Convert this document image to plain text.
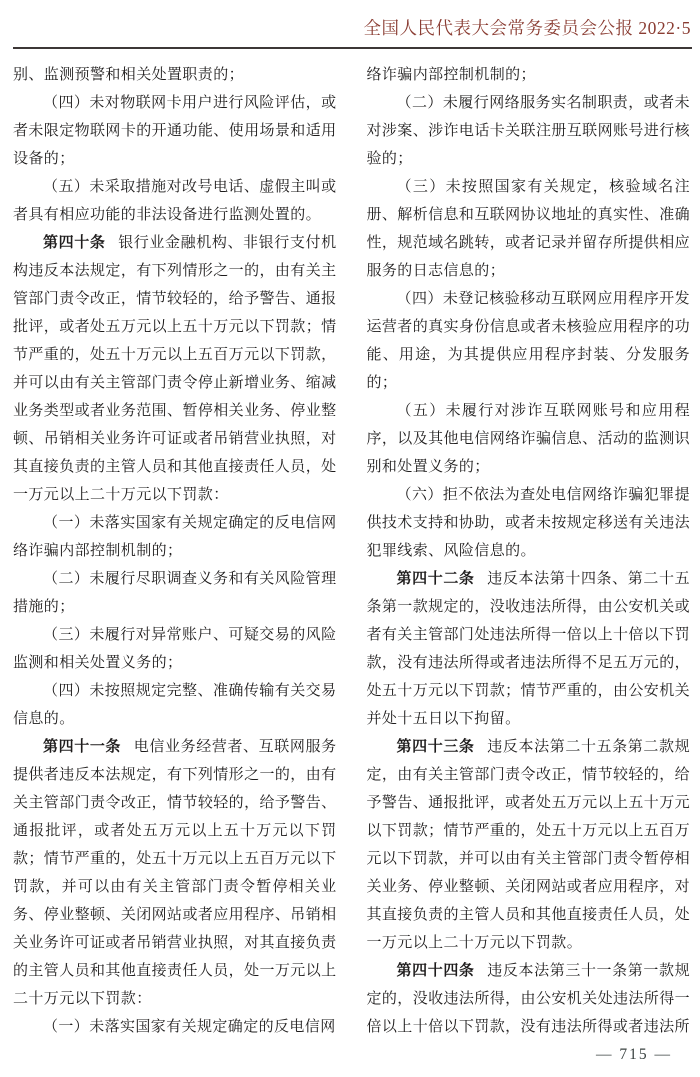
全国人民代表大会常务委员会公报 2022·5

别、监测预警和相关处置职责的；

（四）未对物联网卡用户进行风险评估，或者未限定物联网卡的开通功能、使用场景和适用设备的；

（五）未采取措施对改号电话、虚假主叫或者具有相应功能的非法设备进行监测处置的。

第四十条 银行业金融机构、非银行支付机构违反本法规定，有下列情形之一的，由有关主管部门责令改正，情节较轻的，给予警告、通报批评，或者处五万元以上五十万元以下罚款；情节严重的，处五十万元以上五百万元以下罚款，并可以由有关主管部门责令停止新增业务、缩减业务类型或者业务范围、暂停相关业务、停业整顿、吊销相关业务许可证或者吊销营业执照，对其直接负责的主管人员和其他直接责任人员，处一万元以上二十万元以下罚款：

（一）未落实国家有关规定确定的反电信网络诈骗内部控制机制的；

（二）未履行尽职调查义务和有关风险管理措施的；

（三）未履行对异常账户、可疑交易的风险监测和相关处置义务的；

（四）未按照规定完整、准确传输有关交易信息的。

第四十一条 电信业务经营者、互联网服务提供者违反本法规定，有下列情形之一的，由有关主管部门责令改正，情节较轻的，给予警告、通报批评，或者处五万元以上五十万元以下罚款；情节严重的，处五十万元以上五百万元以下罚款，并可以由有关主管部门责令暂停相关业务、停业整顿、关闭网站或者应用程序、吊销相关业务许可证或者吊销营业执照，对其直接负责的主管人员和其他直接责任人员，处一万元以上二十万元以下罚款：

（一）未落实国家有关规定确定的反电信网

络诈骗内部控制机制的；

（二）未履行网络服务实名制职责，或者未对涉案、涉诈电话卡关联注册互联网账号进行核验的；

（三）未按照国家有关规定，核验域名注册、解析信息和互联网协议地址的真实性、准确性，规范域名跳转，或者记录并留存所提供相应服务的日志信息的；

（四）未登记核验移动互联网应用程序开发运营者的真实身份信息或者未核验应用程序的功能、用途，为其提供应用程序封装、分发服务的；

（五）未履行对涉诈互联网账号和应用程序，以及其他电信网络诈骗信息、活动的监测识别和处置义务的；

（六）拒不依法为查处电信网络诈骗犯罪提供技术支持和协助，或者未按规定移送有关违法犯罪线索、风险信息的。

第四十二条 违反本法第十四条、第二十五条第一款规定的，没收违法所得，由公安机关或者有关主管部门处违法所得一倍以上十倍以下罚款，没有违法所得或者违法所得不足五万元的，处五十万元以下罚款；情节严重的，由公安机关并处十五日以下拘留。

第四十三条 违反本法第二十五条第二款规定，由有关主管部门责令改正，情节较轻的，给予警告、通报批评，或者处五万元以上五十万元以下罚款；情节严重的，处五十万元以上五百万元以下罚款，并可以由有关主管部门责令暂停相关业务、停业整顿、关闭网站或者应用程序，对其直接负责的主管人员和其他直接责任人员，处一万元以上二十万元以下罚款。

第四十四条 违反本法第三十一条第一款规定的，没收违法所得，由公安机关处违法所得一倍以上十倍以下罚款，没有违法所得或者违法所

— 715 —
